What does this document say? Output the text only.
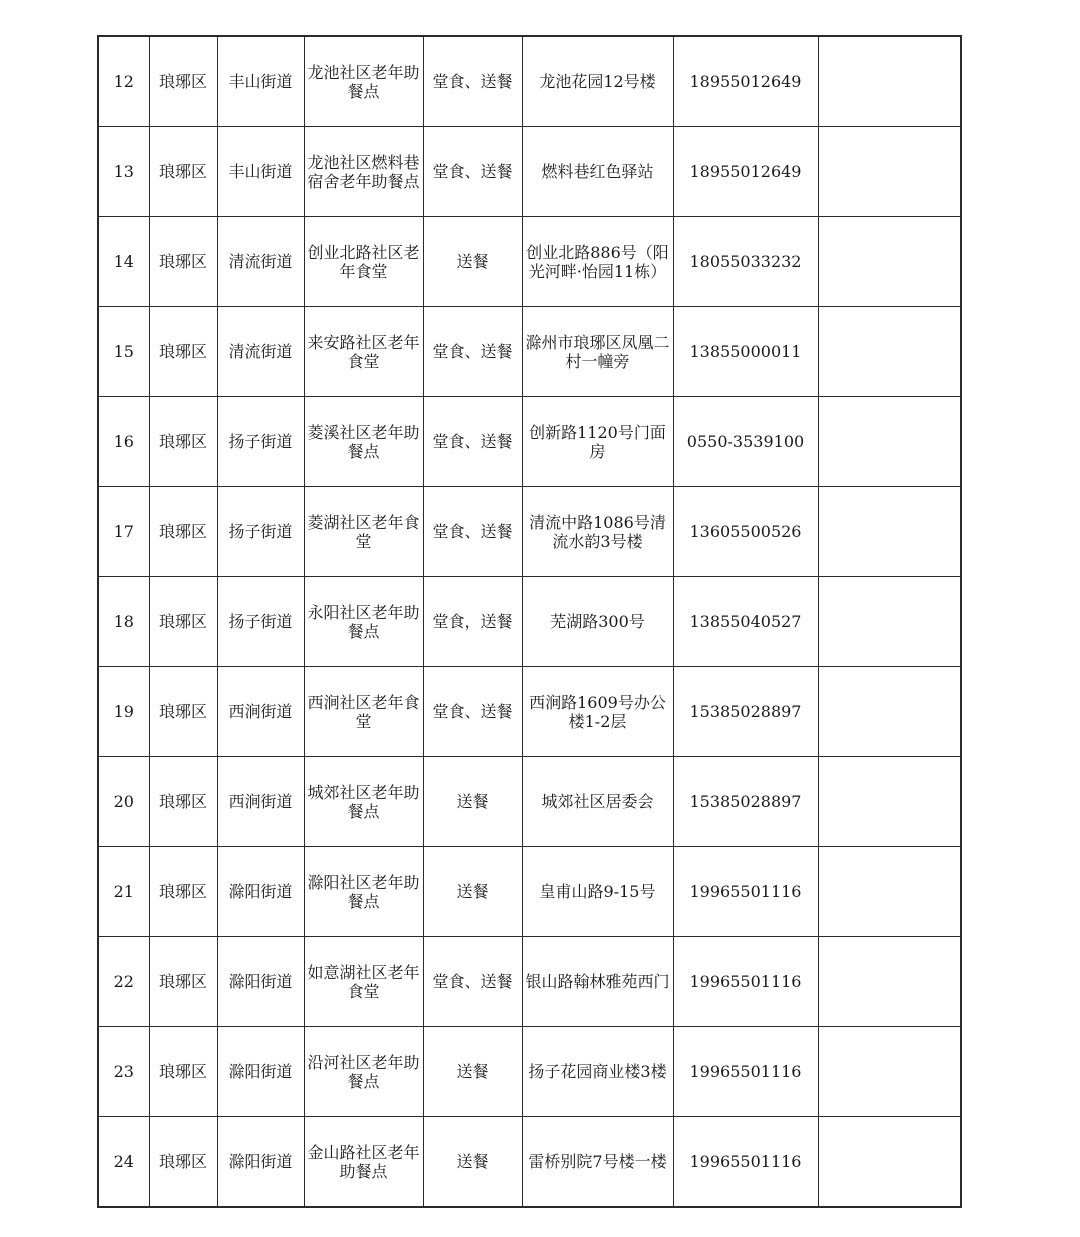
12	琅琊区	丰山街道	龙池社区老年助餐点	堂食、送餐	龙池花园12号楼	18955012649	
13	琅琊区	丰山街道	龙池社区燃料巷宿舍老年助餐点	堂食、送餐	燃料巷红色驿站	18955012649	
14	琅琊区	清流街道	创业北路社区老年食堂	送餐	创业北路886号（阳光河畔·怡园11栋）	18055033232	
15	琅琊区	清流街道	来安路社区老年食堂	堂食、送餐	滁州市琅琊区凤凰二村一幢旁	13855000011	
16	琅琊区	扬子街道	菱溪社区老年助餐点	堂食、送餐	创新路1120号门面房	0550-3539100	
17	琅琊区	扬子街道	菱湖社区老年食堂	堂食、送餐	清流中路1086号清流水韵3号楼	13605500526	
18	琅琊区	扬子街道	永阳社区老年助餐点	堂食，送餐	芜湖路300号	13855040527	
19	琅琊区	西涧街道	西涧社区老年食堂	堂食、送餐	西涧路1609号办公楼1-2层	15385028897	
20	琅琊区	西涧街道	城郊社区老年助餐点	送餐	城郊社区居委会	15385028897	
21	琅琊区	滁阳街道	滁阳社区老年助餐点	送餐	皇甫山路9-15号	19965501116	
22	琅琊区	滁阳街道	如意湖社区老年食堂	堂食、送餐	银山路翰林雅苑西门	19965501116	
23	琅琊区	滁阳街道	沿河社区老年助餐点	送餐	扬子花园商业楼3楼	19965501116	
24	琅琊区	滁阳街道	金山路社区老年助餐点	送餐	雷桥别院7号楼一楼	19965501116	
